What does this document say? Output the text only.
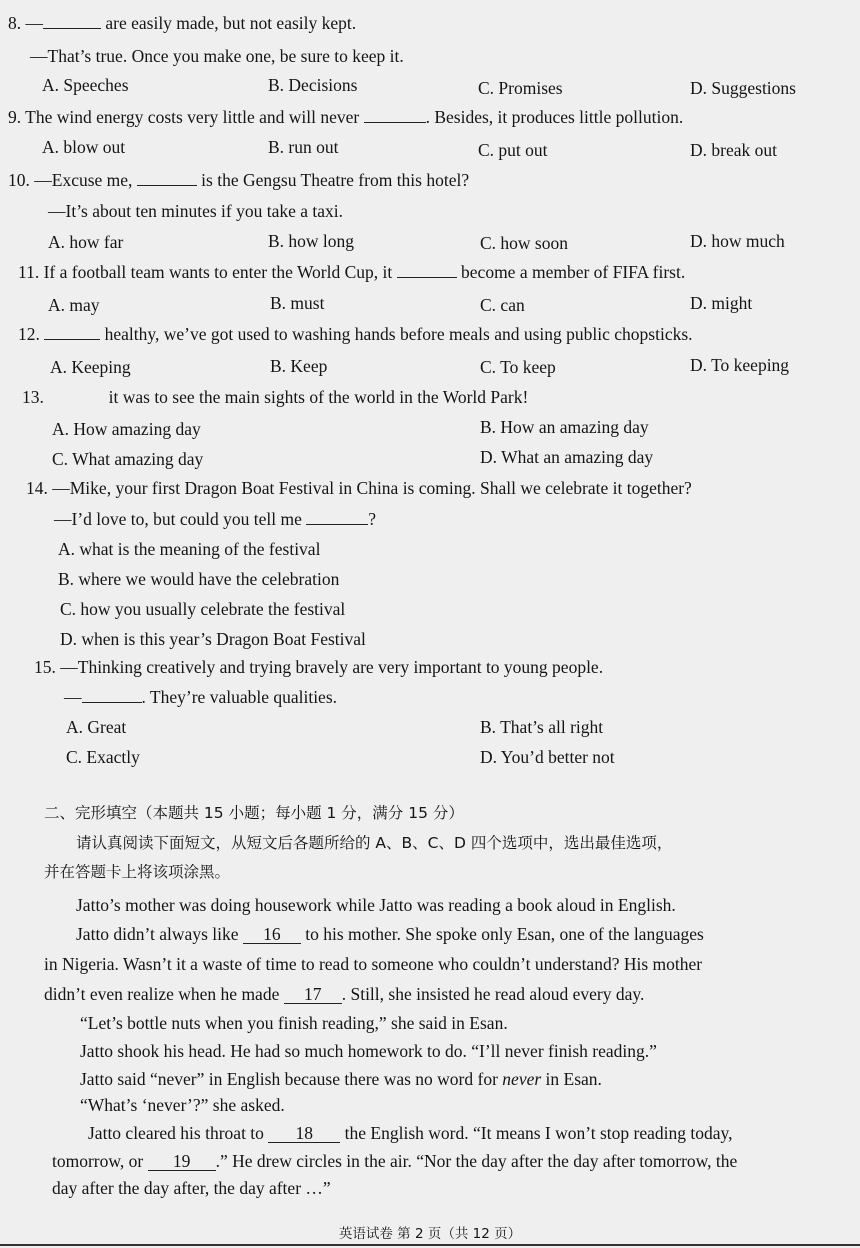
8. —	are easily made, but not easily kept.
—That’s true. Once you make one, be sure to keep it.
A. Speeches	B. Decisions	C. Promises	D. Suggestions
9. The wind energy costs very little and will never	. Besides, it produces little pollution.
A. blow out	B. run out	C. put out	D. break out
10. —Excuse me,	is the Gengsu Theatre from this hotel?
—It’s about ten minutes if you take a taxi.
A. how far	B. how long	C. how soon	D. how much
11. If a football team wants to enter the World Cup, it	become a member of FIFA first.
A. may	B. must	C. can	D. might
12.	healthy, we’ve got used to washing hands before meals and using public chopsticks.
A. Keeping	B. Keep	C. To keep	D. To keeping
13.	it was to see the main sights of the world in the World Park!
A. How amazing day	B. How an amazing day
C. What amazing day	D. What an amazing day
14. —Mike, your first Dragon Boat Festival in China is coming. Shall we celebrate it together?
—I’d love to, but could you tell me	?
A. what is the meaning of the festival
B. where we would have the celebration
C. how you usually celebrate the festival
D. when is this year’s Dragon Boat Festival
15. —Thinking creatively and trying bravely are very important to young people.
—	. They’re valuable qualities.
A. Great	B. That’s all right
C. Exactly	D. You’d better not
二、完形填空（本题共 15 小题；每小题 1 分，满分 15 分）
请认真阅读下面短文，从短文后各题所给的 A、B、C、D 四个选项中，选出最佳选项，
并在答题卡上将该项涂黑。
Jatto’s mother was doing housework while Jatto was reading a book aloud in English.
Jatto didn’t always like 16 to his mother. She spoke only Esan, one of the languages
in Nigeria. Wasn’t it a waste of time to read to someone who couldn’t understand? His mother
didn’t even realize when he made 17 . Still, she insisted he read aloud every day.
“Let’s bottle nuts when you finish reading,” she said in Esan.
Jatto shook his head. He had so much homework to do. “I’ll never finish reading.”
Jatto said “never” in English because there was no word for never in Esan.
“What’s ‘never’?” she asked.
Jatto cleared his throat to 18 the English word. “It means I won’t stop reading today,
tomorrow, or 19 .” He drew circles in the air. “Nor the day after the day after tomorrow, the
day after the day after, the day after …”
英语试卷 第 2 页（共 12 页）
